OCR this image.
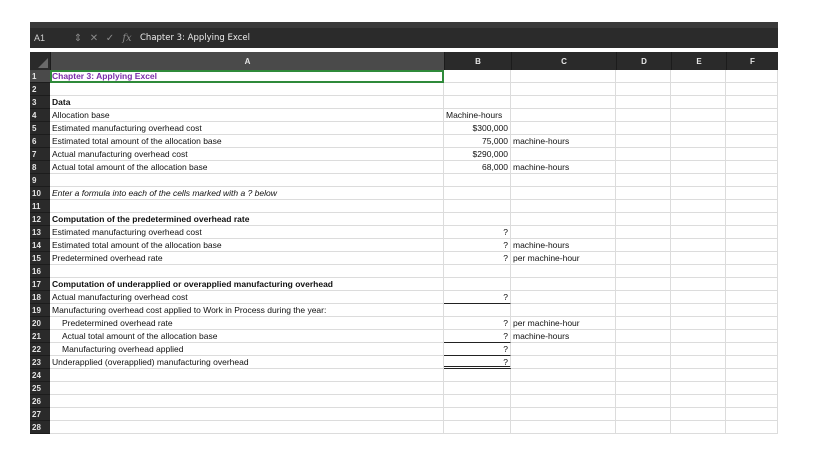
A1	⇕ ✕ ✓ fx Chapter 3: Applying Excel
A	B	C	D	E	F
1	Chapter 3: Applying Excel
2
3	Data
4	Allocation base	Machine-hours
5	Estimated manufacturing overhead cost	$300,000
6	Estimated total amount of the allocation base	75,000 machine-hours
7	Actual manufacturing overhead cost	$290,000
8	Actual total amount of the allocation base	68,000 machine-hours
9
10	Enter a formula into each of the cells marked with a ? below
11
12	Computation of the predetermined overhead rate
13	Estimated manufacturing overhead cost	?
14	Estimated total amount of the allocation base	? machine-hours
15	Predetermined overhead rate	? per machine-hour
16
17	Computation of underapplied or overapplied manufacturing overhead
18	Actual manufacturing overhead cost	?
19	Manufacturing overhead cost applied to Work in Process during the year:
20	Predetermined overhead rate	? per machine-hour
21	Actual total amount of the allocation base	? machine-hours
22	Manufacturing overhead applied	?
23	Underapplied (overapplied) manufacturing overhead	?
24
25
26
27
28
